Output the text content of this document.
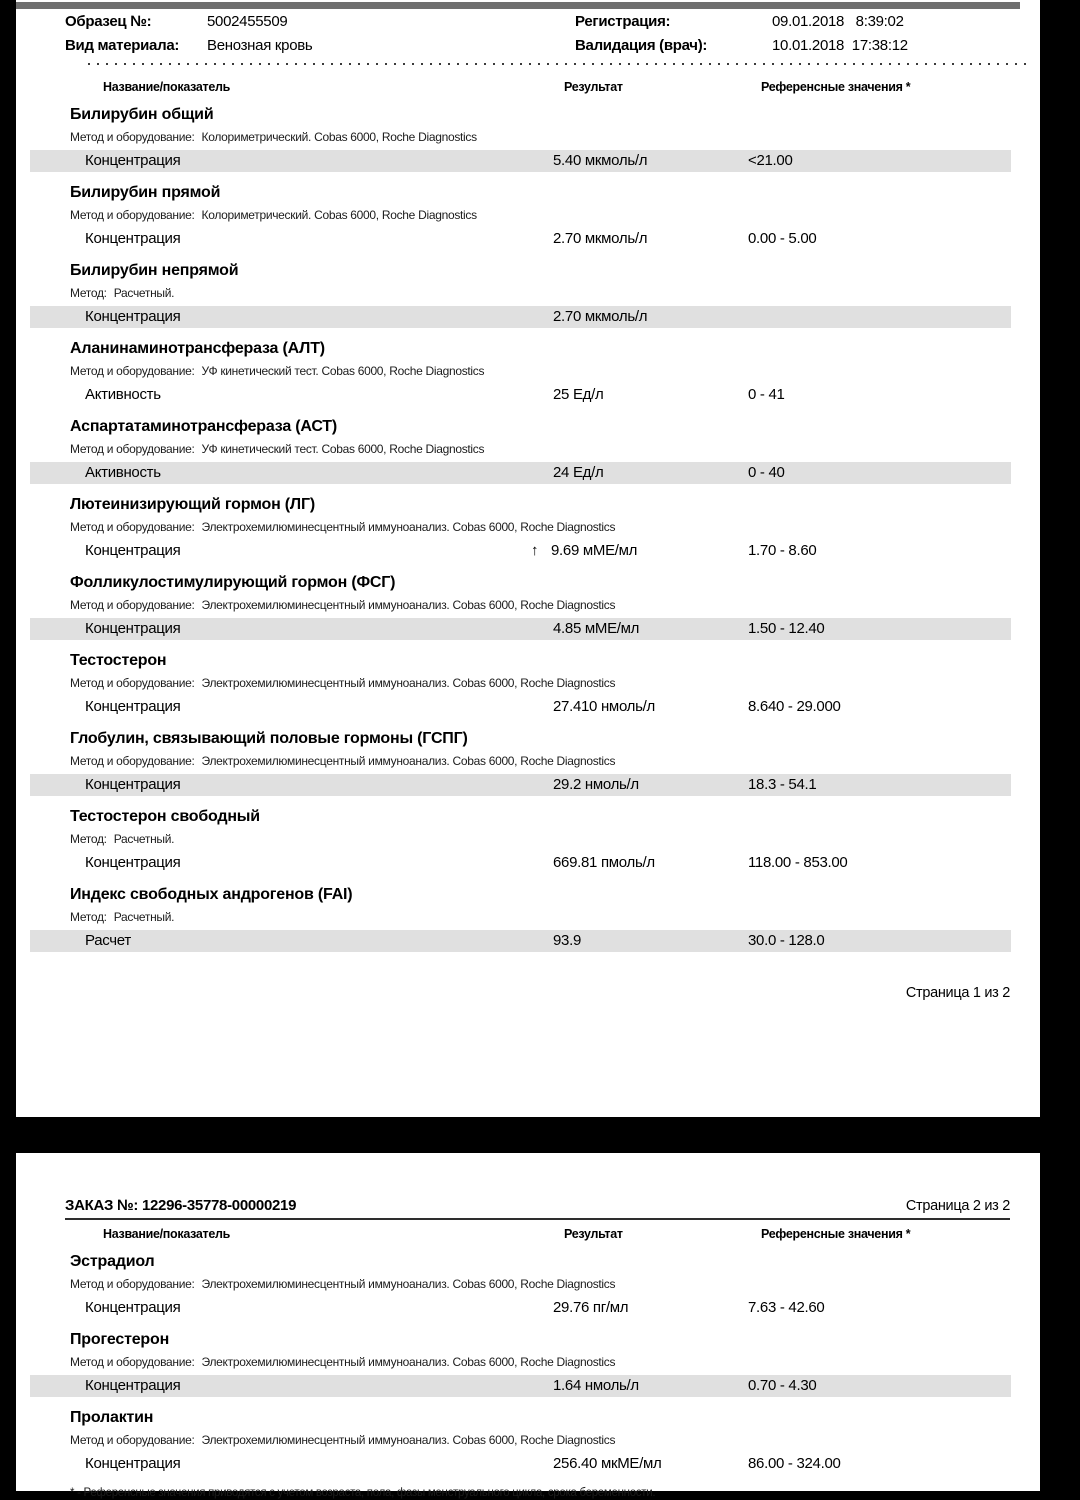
Образец №:	5002455509	Регистрация:	09.01.2018   8:39:02
Вид материала:	Венозная кровь	Валидация (врач):	10.01.2018  17:38:12
Название/показатель	Результат	Референсные значения *
Билирубин общий
Метод и оборудование: Колориметрический. Cobas 6000, Roche Diagnostics
Концентрация	5.40 мкмоль/л	<21.00
Билирубин прямой
Метод и оборудование: Колориметрический. Cobas 6000, Roche Diagnostics
Концентрация	2.70 мкмоль/л	0.00 - 5.00
Билирубин непрямой
Метод: Расчетный.
Концентрация	2.70 мкмоль/л
Аланинаминотрансфераза (АЛТ)
Метод и оборудование: УФ кинетический тест. Cobas 6000, Roche Diagnostics
Активность	25 Ед/л	0 - 41
Аспартатаминотрансфераза (АСТ)
Метод и оборудование: УФ кинетический тест. Cobas 6000, Roche Diagnostics
Активность	24 Ед/л	0 - 40
Лютеинизирующий гормон (ЛГ)
Метод и оборудование: Электрохемилюминесцентный иммуноанализ. Cobas 6000, Roche Diagnostics
Концентрация	↑ 9.69 мМЕ/мл	1.70 - 8.60
Фолликулостимулирующий гормон (ФСГ)
Метод и оборудование: Электрохемилюминесцентный иммуноанализ. Cobas 6000, Roche Diagnostics
Концентрация	4.85 мМЕ/мл	1.50 - 12.40
Тестостерон
Метод и оборудование: Электрохемилюминесцентный иммуноанализ. Cobas 6000, Roche Diagnostics
Концентрация	27.410 нмоль/л	8.640 - 29.000
Глобулин, связывающий половые гормоны (ГСПГ)
Метод и оборудование: Электрохемилюминесцентный иммуноанализ. Cobas 6000, Roche Diagnostics
Концентрация	29.2 нмоль/л	18.3 - 54.1
Тестостерон свободный
Метод: Расчетный.
Концентрация	669.81 пмоль/л	118.00 - 853.00
Индекс свободных андрогенов (FAI)
Метод: Расчетный.
Расчет	93.9	30.0 - 128.0
Страница 1 из 2
ЗАКАЗ №: 12296-35778-00000219	Страница 2 из 2
Название/показатель	Результат	Референсные значения *
Эстрадиол
Метод и оборудование: Электрохемилюминесцентный иммуноанализ. Cobas 6000, Roche Diagnostics
Концентрация	29.76 пг/мл	7.63 - 42.60
Прогестерон
Метод и оборудование: Электрохемилюминесцентный иммуноанализ. Cobas 6000, Roche Diagnostics
Концентрация	1.64 нмоль/л	0.70 - 4.30
Пролактин
Метод и оборудование: Электрохемилюминесцентный иммуноанализ. Cobas 6000, Roche Diagnostics
Концентрация	256.40 мкМЕ/мл	86.00 - 324.00
* - Референсные значения приводятся с учетом возраста, пола, фазы менструального цикла, срока беременности.
